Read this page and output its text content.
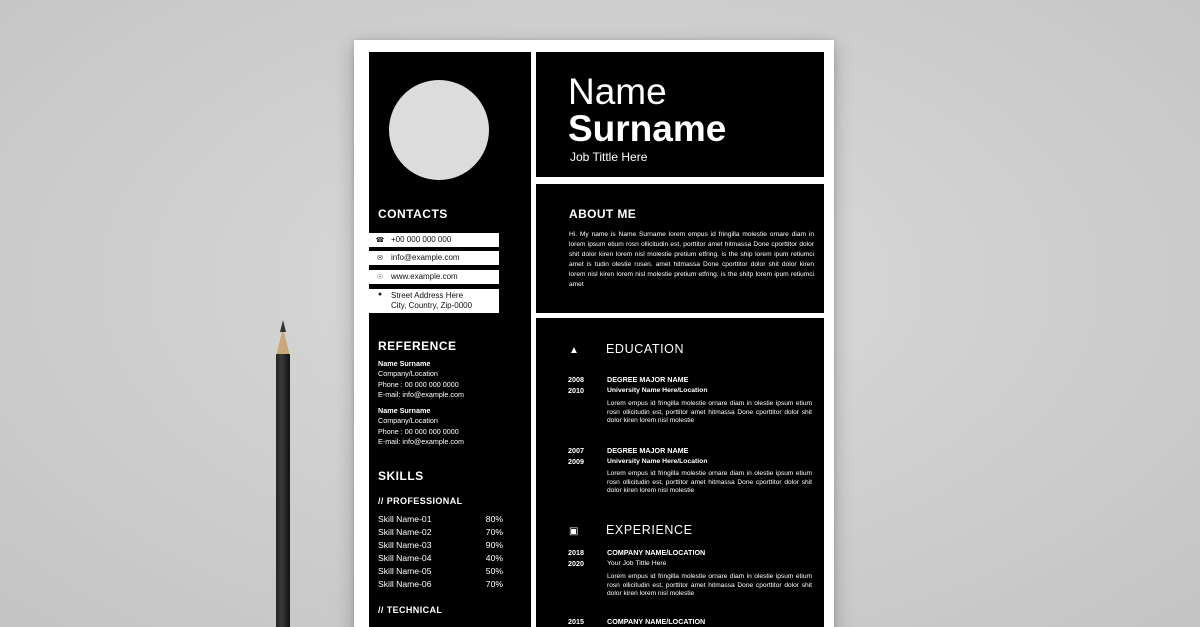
CONTACTS
☎ +00 000 000 000
✉	info@example.com
☉ www.example.com
●	Street Address Here
City, Country, Zip-0000
REFERENCE
Name Surname
Company/Location
Phone : 00 000 000 0000
E-mail: info@example.com
Name Surname
Company/Location
Phone : 00 000 000 0000
E-mail: info@example.com
SKILLS
// PROFESSIONAL
Skill Name-01	80%
Skill Name-02	70%
Skill Name-03	90%
Skill Name-04	40%
Skill Name-05	50%
Skill Name-06	70%
// TECHNICAL
Name
Surname
Job Tittle Here
ABOUT ME
Hi. My name is Name Surname lorem empus id fringilla molestie ornare diam in lorem ipsum etium rosn ollicitudin est, porttitor amet hitmassa Done cporttitor dolor shit dolor kiren lorem nisl molestie pretium etfring. is the ship lorem ipum retiumci amet is tudin olestie rosen. amet hitmassa Done cporttitor dolor shit dolor kiren lorem nisl kiren lorem nisl molestie pretium etfring. is the shitp lorem ipum retiumci amet
▲ EDUCATION
2008
2010
DEGREE MAJOR NAME
University Name Here/Location
Lorem empus id fringilla molestie ornare diam in olestie ipsum etium rosn ollicitudin est, porttitor amet hitmassa Done cporttitor dolor shit dolor kiren lorem nisl molestie
2007
2009
DEGREE MAJOR NAME
University Name Here/Location
Lorem empus id fringilla molestie ornare diam in olestie ipsum etium rosn ollicitudin est, porttitor amet hitmassa Done cporttitor dolor shit dolor kiren lorem nisl molestie
▣ EXPERIENCE
2018
2020
COMPANY NAME/LOCATION
Your Job Tittle Here
Lorem empus id fringilla molestie ornare diam in olestie ipsum etium rosn ollicitudin est, porttitor amet hitmassa Done cporttitor dolor shit dolor kiren lorem nisl molestie
2015	COMPANY NAME/LOCATION
